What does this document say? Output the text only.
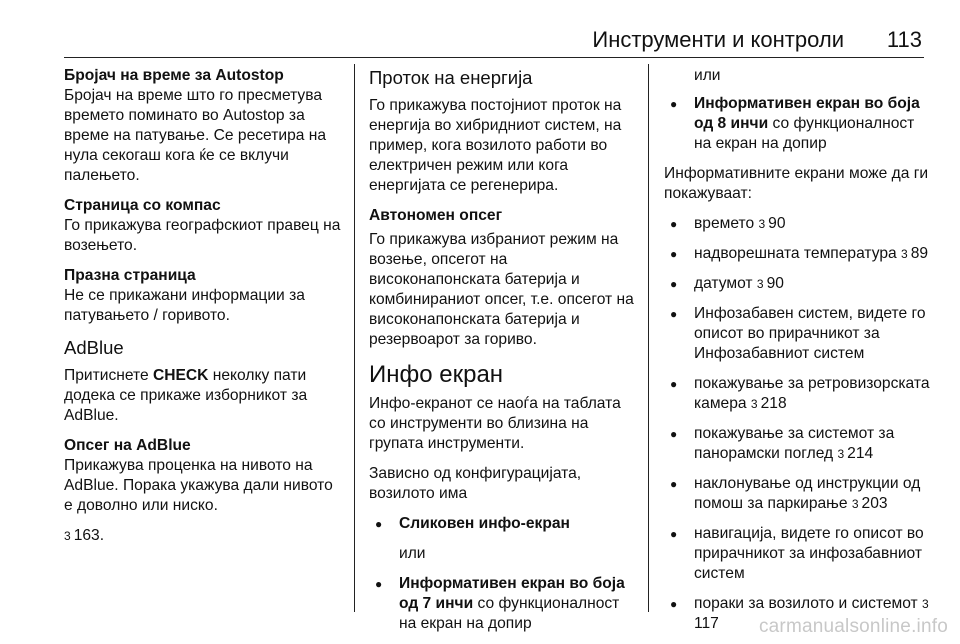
Инструменти и контроли 113

Бројач на време за Autostop

Бројач на време што го пресметува времето поминато во Autostop за време на патување. Се ресетира на нула секогаш кога ќе се вклучи палењето.

Страница со компас

Го прикажува географскиот правец на возењето.

Празна страница

Не се прикажани информации за патувањето / горивото.

AdBlue

Притиснете CHECK неколку пати додека се прикаже изборникот за AdBlue.

Опсег на AdBlue

Прикажува проценка на нивото на AdBlue. Порака укажува дали нивото е доволно или ниско.

3 163.

Проток на енергија

Го прикажува постојниот проток на енергија во хибридниот систем, на пример, кога возилото работи во електричен режим или кога енергијата се регенерира.

Автономен опсег

Го прикажува избраниот режим на возење, опсегот на високонапонската батерија и комбинираниот опсег, т.е. опсегот на високонапонската батерија и резервоарот за гориво.

Инфо екран

Инфо-екранот се наоѓа на таблата со инструменти во близина на групата инструменти.

Зависно од конфигурацијата, возилото има

● Сликовен инфо-екран
или
● Информативен екран во боја од 7 инчи со функционалност на екран на допир
или
● Информативен екран во боја од 8 инчи со функционалност на екран на допир

Информативните екрани може да ги покажуваат:

● времето 3 90
● надворешната температура 3 89
● датумот 3 90
● Инфозабавен систем, видете го описот во прирачникот за Инфозабавниот систем
● покажување за ретровизорската камера 3 218
● покажување за системот за панорамски поглед 3 214
● наклонување од инструкции од помош за паркирање 3 203
● навигација, видете го описот во прирачникот за инфозабавниот систем
● пораки за возилото и системот 3117	carmanualsonline.info
